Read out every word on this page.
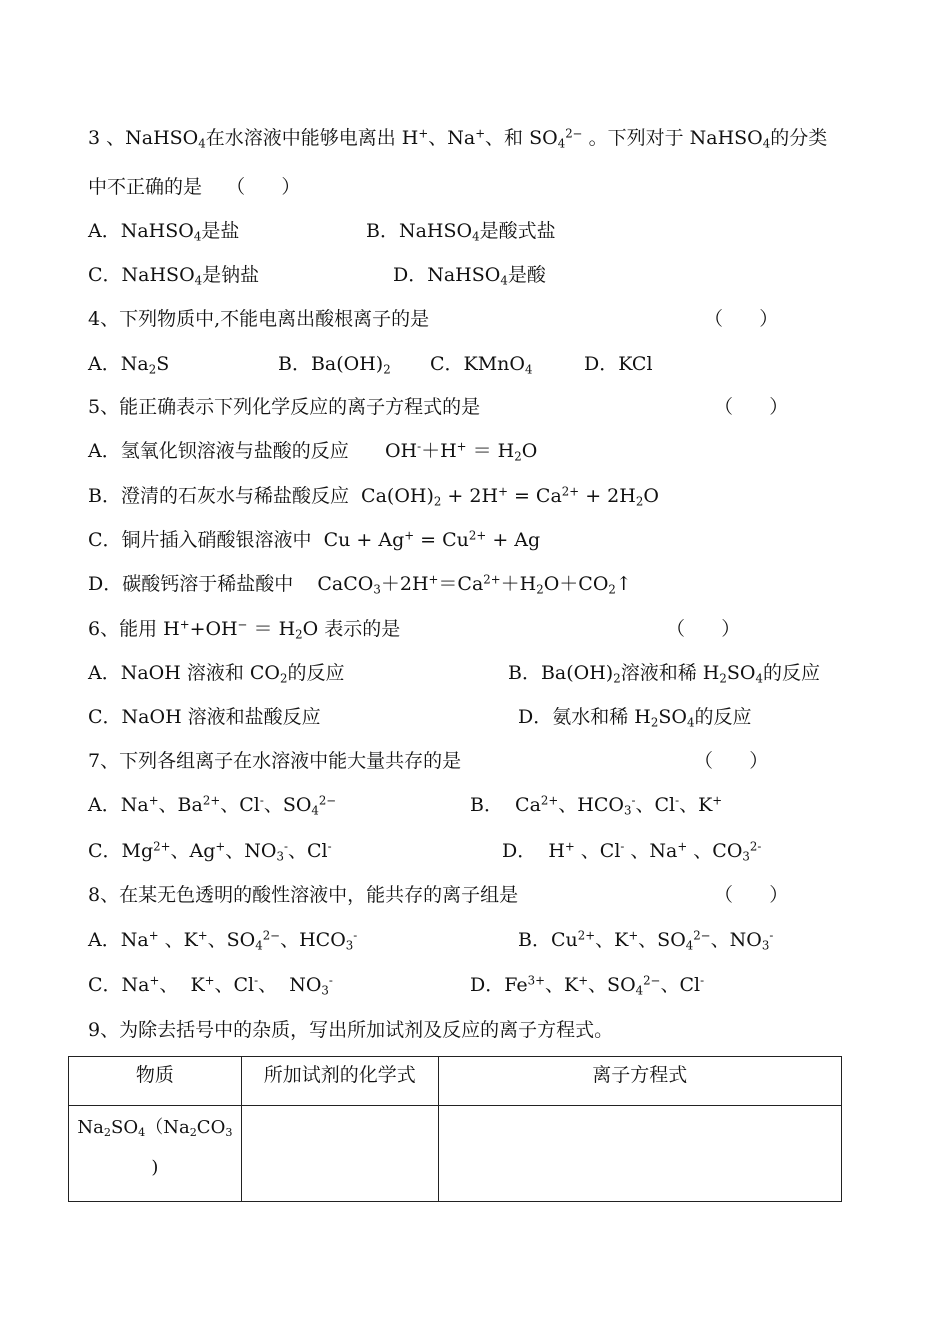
3 、NaHSO$_4$在水溶液中能够电离出 H+、Na+、和 $SO_4^{2-}$ 。下列对于 NaHSO$_4$的分类
中不正确的是    （      ）
A．NaHSO$_4$是盐	B．NaHSO$_4$是酸式盐
C．NaHSO$_4$是钠盐	D．NaHSO$_4$是酸
4、下列物质中,不能电离出酸根离子的是	（      ）
A．$Na_2S$	B．$Ba(OH)_2$ C．KMnO$_4$	D．KCl
5、能正确表示下列化学反应的离子方程式的是	（      ）
A．氢氧化钡溶液与盐酸的反应      $OH^-+H^+ = H_2O$
B．澄清的石灰水与稀盐酸反应  $Ca(OH)_2 + 2H^+ = Ca^{2+} + 2H_2O$
C．铜片插入硝酸银溶液中  $Cu + Ag^+ = Cu^{2+} + Ag$
D．碳酸钙溶于稀盐酸中    $CaCO_3+2H^+=Ca^{2+}+H_2O+CO_2↑$
6、能用 $H^++OH^- = H_2O$ 表示的是	（      ）
A．NaOH 溶液和 $CO_2$的反应	B．$Ba(OH)_2$溶液和稀 $H_2SO_4$的反应
C．NaOH 溶液和盐酸反应	D．氨水和稀 $H_2SO_4$的反应
7、下列各组离子在水溶液中能大量共存的是	（      ）
A．Na+、$Ba^{2+}$、Cl-、$SO_4^{2-}$	B．  $Ca^{2+}$、$HCO_3^-$、Cl-、K+
C．$Mg^{2+}$、Ag+、$NO_3^-$、Cl-	D．  H+ 、Cl- 、Na+ 、$CO_3^{2-}$
8、在某无色透明的酸性溶液中，能共存的离子组是	（      ）
A．Na+ 、K+、$SO_4^{2-}$、$HCO_3^-$	B．$Cu^{2+}$、K+、$SO_4^{2-}$、$NO_3^-$
C．Na+、  K+、Cl-、  $NO_3^-$	D．$Fe^{3+}$、K+、$SO_4^{2-}$、Cl-
9、为除去括号中的杂质，写出所加试剂及反应的离子方程式。
物质	所加试剂的化学式	离子方程式
$Na_2SO_4(Na_2CO_3$
)		
